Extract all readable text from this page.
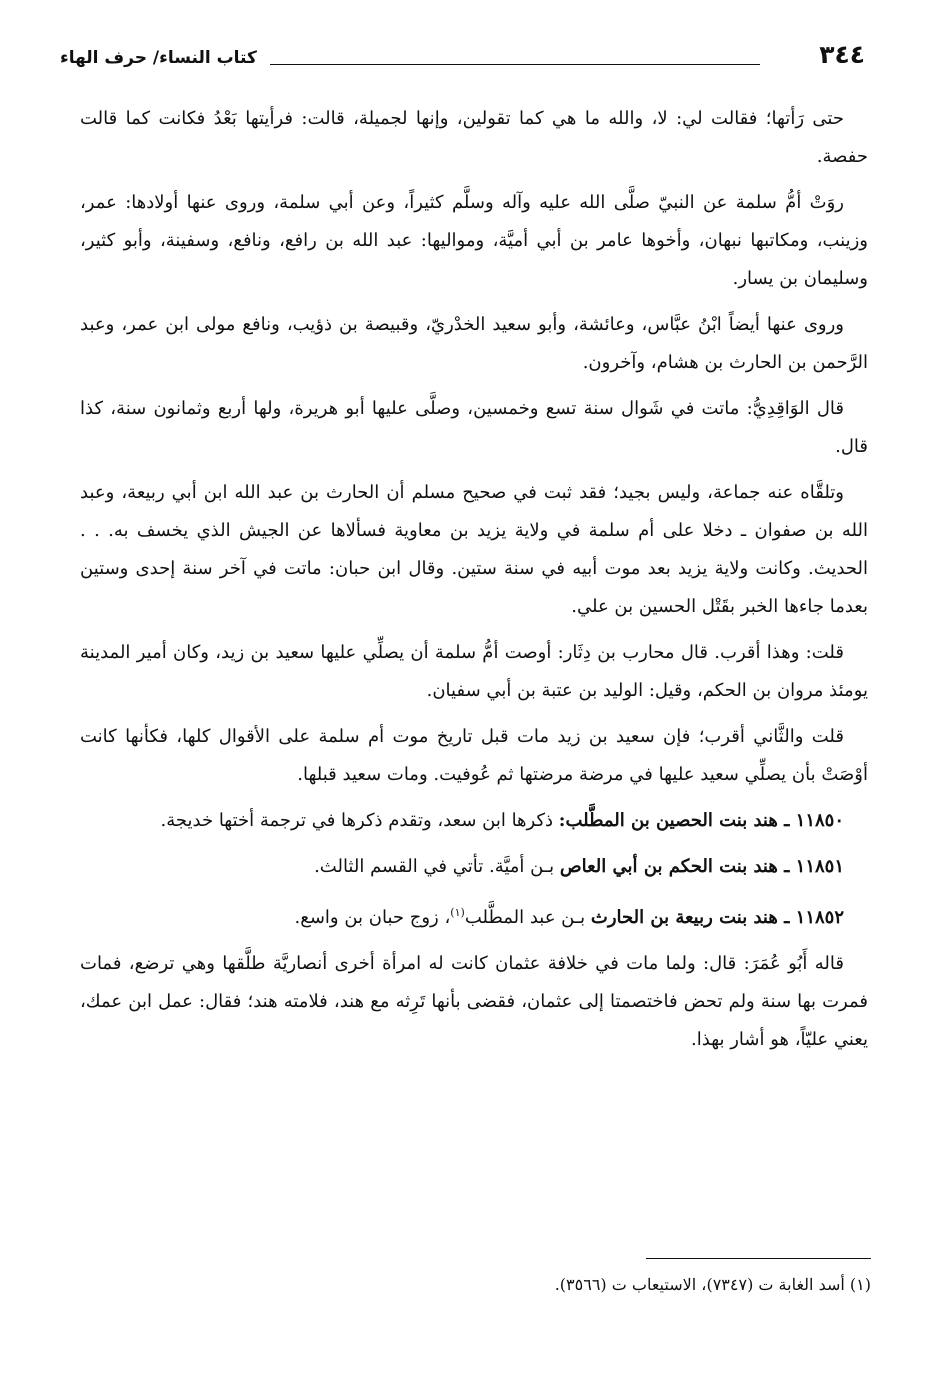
٣٤٤
كتاب النساء/ حرف الهاء

حتى رَأتها؛ فقالت لي: لا، والله ما هي كما تقولين، وإنها لجميلة، قالت: فرأيتها بَعْدُ فكانت كما قالت حفصة.

روَتْ أمُّ سلمة عن النبيّ صلَّى الله عليه وآله وسلَّم كثيراً، وعن أبي سلمة، وروى عنها أولادها: عمر، وزينب، ومكاتبها نبهان، وأخوها عامر بن أبي أميَّة، ومواليها: عبد الله بن رافع، ونافع، وسفينة، وأبو كثير، وسليمان بن يسار.

وروى عنها أيضاً ابْنُ عبَّاس، وعائشة، وأبو سعيد الخدْريّ، وقبيصة بن ذؤيب، ونافع مولى ابن عمر، وعبد الرَّحمن بن الحارث بن هشام، وآخرون.

قال الوَاقِدِيُّ: ماتت في شَوال سنة تسع وخمسين، وصلَّى عليها أبو هريرة، ولها أربع وثمانون سنة، كذا قال.

وتلقَّاه عنه جماعة، وليس بجيد؛ فقد ثبت في صحيح مسلم أن الحارث بن عبد الله ابن أبي ربيعة، وعبد الله بن صفوان ـ دخلا على أم سلمة في ولاية يزيد بن معاوية فسألاها عن الجيش الذي يخسف به. . . الحديث. وكانت ولاية يزيد بعد موت أبيه في سنة ستين. وقال ابن حبان: ماتت في آخر سنة إحدى وستين بعدما جاءها الخبر بقَتْل الحسين بن علي.

قلت: وهذا أقرب. قال محارب بن دِثَار: أوصت أمُّ سلمة أن يصلِّي عليها سعيد بن زيد، وكان أمير المدينة يومئذ مروان بن الحكم، وقيل: الوليد بن عتبة بن أبي سفيان.

قلت والثَّاني أقرب؛ فإن سعيد بن زيد مات قبل تاريخ موت أم سلمة على الأقوال كلها، فكأنها كانت أوْصَتْ بأن يصلِّي سعيد عليها في مرضة مرضتها ثم عُوفيت. ومات سعيد قبلها.

١١٨٥٠ ـ هند بنت الحصين بن المطَّلب: ذكرها ابن سعد، وتقدم ذكرها في ترجمة أختها خديجة.

١١٨٥١ ـ هند بنت الحكم بن أبي العاص بـن أميَّة. تأتي في القسم الثالث.

١١٨٥٢ ـ هند بنت ربيعة بن الحارث بـن عبد المطَّلب$^{(١)}$، زوج حبان بن واسع.

قاله أَبُو عُمَرَ: قال: ولما مات في خلافة عثمان كانت له امرأة أخرى أنصاريَّة طلَّقها وهي ترضع، فمات فمرت بها سنة ولم تحض فاختصمتا إلى عثمان، فقضى بأنها تَرِثه مع هند، فلامته هند؛ فقال: عمل ابن عمك، يعني عليّاً، هو أشار بهذا.

(١) أسد الغابة ت (٧٣٤٧)، الاستيعاب ت (٣٥٦٦).
